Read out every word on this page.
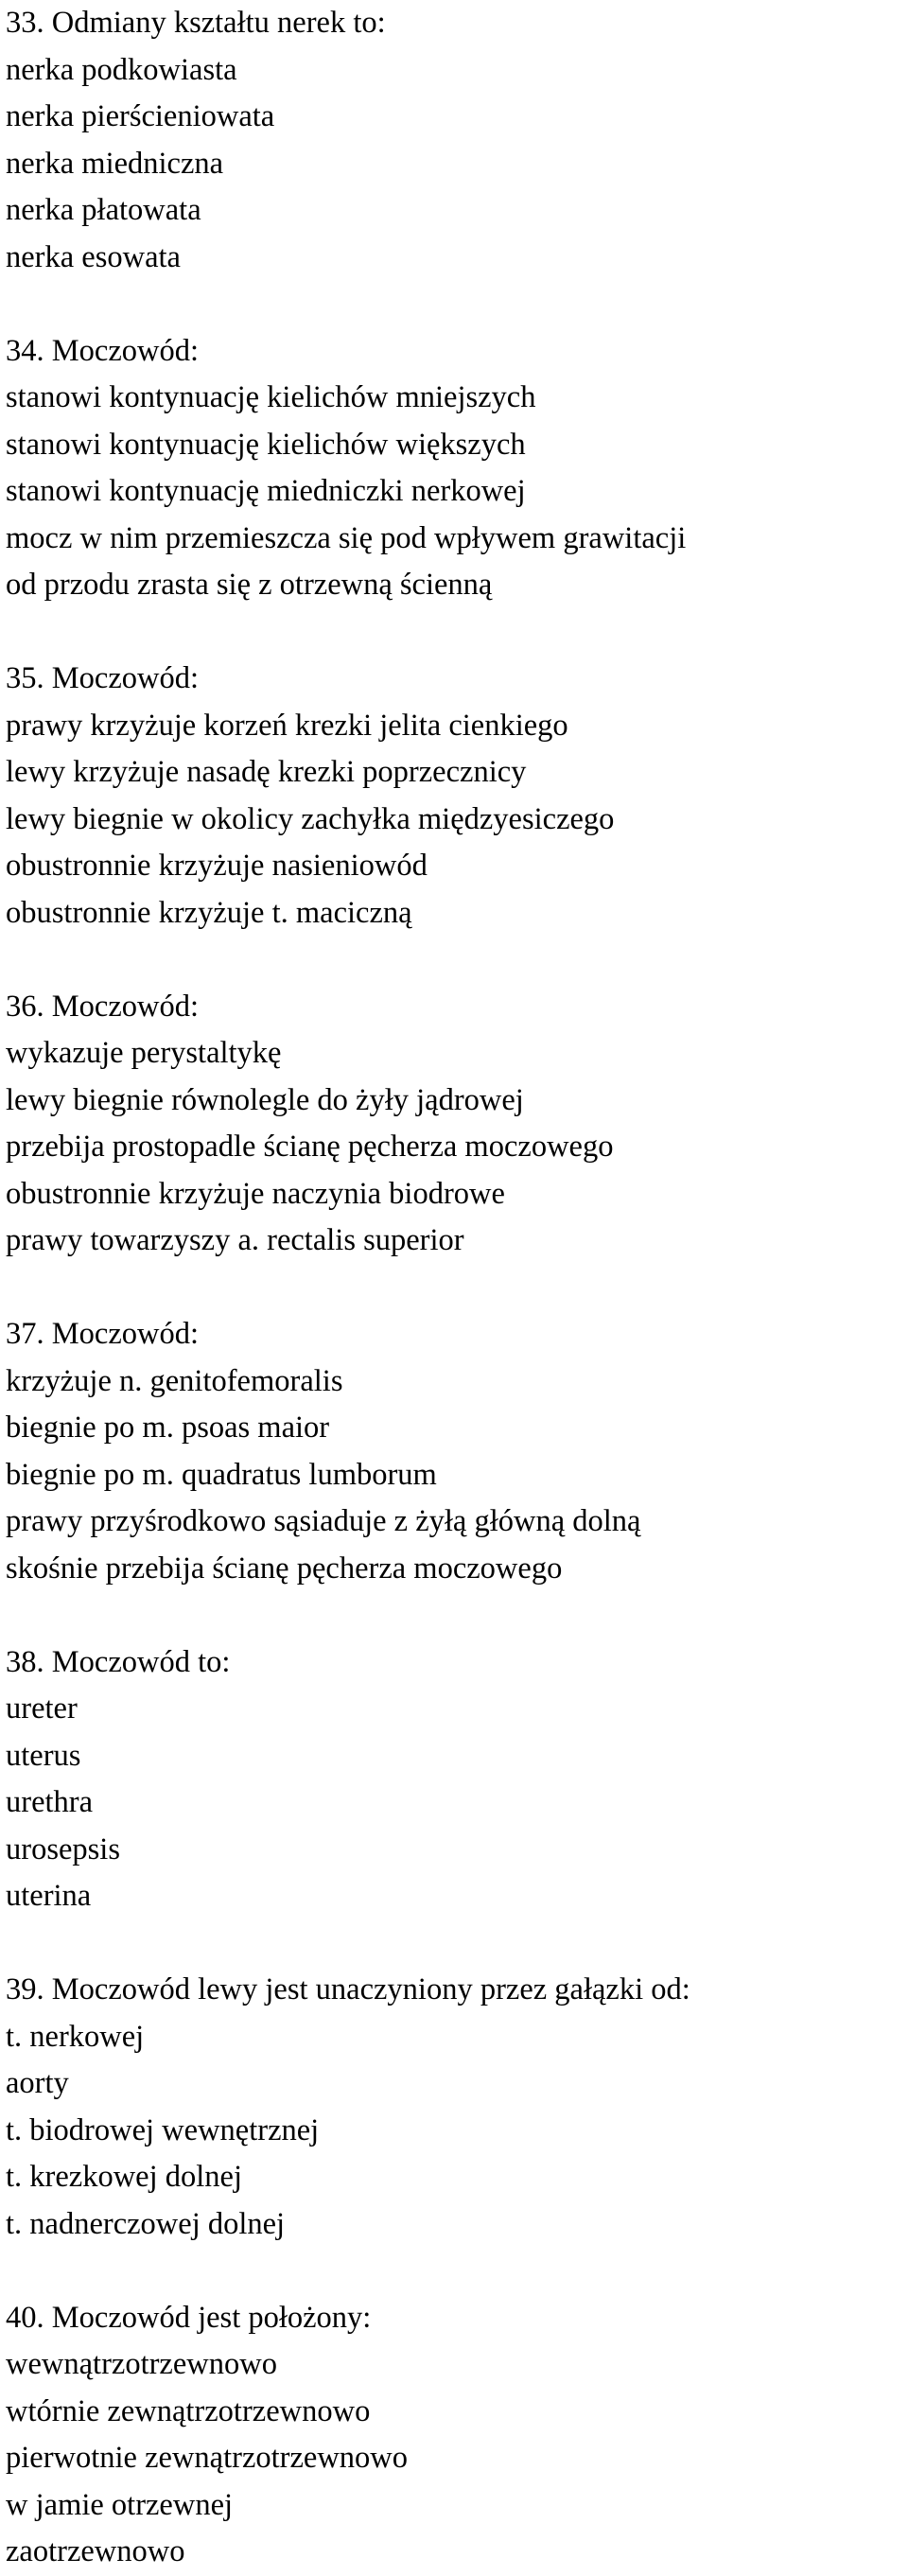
33. Odmiany kształtu nerek to:
nerka podkowiasta
nerka pierścieniowata
nerka miedniczna
nerka płatowata
nerka esowata
34. Moczowód:
stanowi kontynuację kielichów mniejszych
stanowi kontynuację kielichów większych
stanowi kontynuację miedniczki nerkowej
mocz w nim przemieszcza się pod wpływem grawitacji
od przodu zrasta się z otrzewną ścienną
35. Moczowód:
prawy krzyżuje korzeń krezki jelita cienkiego
lewy krzyżuje nasadę krezki poprzecznicy
lewy biegnie w okolicy zachyłka międzyesiczego
obustronnie krzyżuje nasieniowód
obustronnie krzyżuje t. maciczną
36. Moczowód:
wykazuje perystaltykę
lewy biegnie równolegle do żyły jądrowej
przebija prostopadle ścianę pęcherza moczowego
obustronnie krzyżuje naczynia biodrowe
prawy towarzyszy a. rectalis superior
37. Moczowód:
krzyżuje n. genitofemoralis
biegnie po m. psoas maior
biegnie po m. quadratus lumborum
prawy przyśrodkowo sąsiaduje z żyłą główną dolną
skośnie przebija ścianę pęcherza moczowego
38. Moczowód to:
ureter
uterus
urethra
urosepsis
uterina
39. Moczowód lewy jest unaczyniony przez gałązki od:
t. nerkowej
aorty
t. biodrowej wewnętrznej
t. krezkowej dolnej
t. nadnerczowej dolnej
40. Moczowód jest położony:
wewnątrzotrzewnowo
wtórnie zewnątrzotrzewnowo
pierwotnie zewnątrzotrzewnowo
w jamie otrzewnej
zaotrzewnowo
